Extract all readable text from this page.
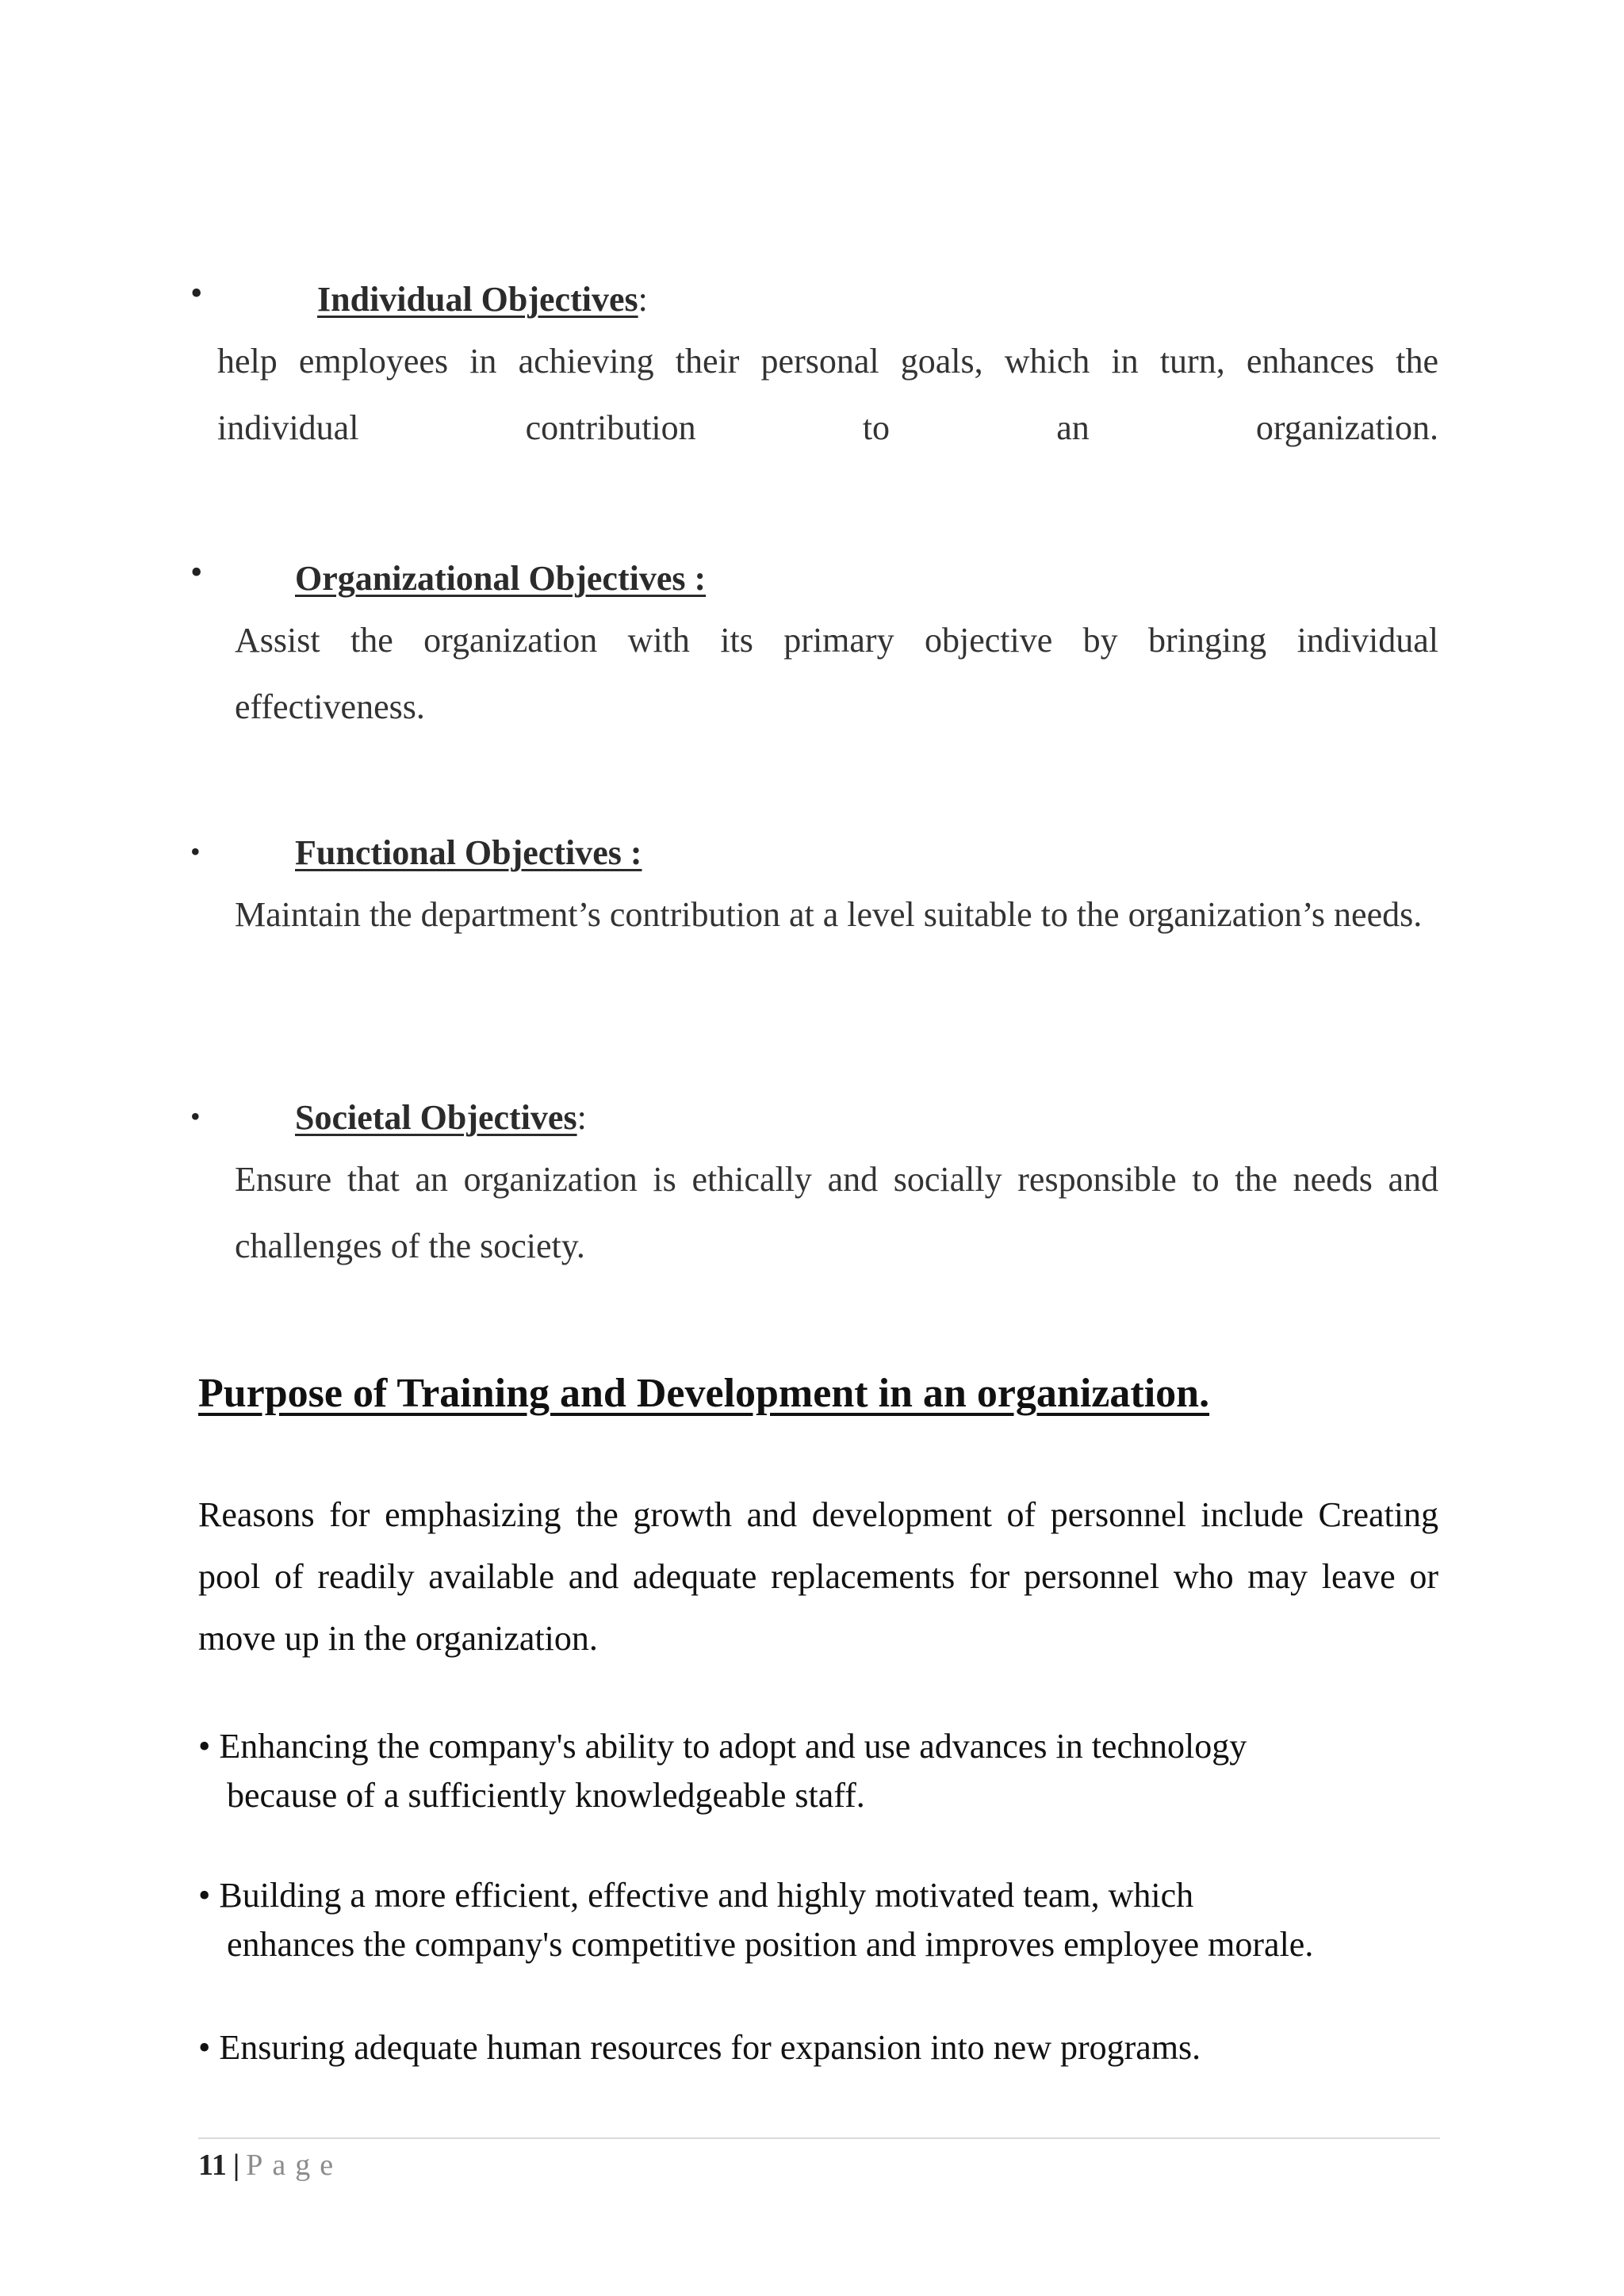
•	Individual Objectives:

help employees in achieving their personal goals, which in turn, enhances the individual contribution to an organization.

•	Organizational Objectives :

Assist the organization with its primary objective by bringing individual effectiveness.

•	Functional Objectives :

Maintain the department’s contribution at a level suitable to the organization’s needs.

•	Societal Objectives:

Ensure that an organization is ethically and socially responsible to the needs and challenges of the society.

Purpose of Training and Development in an organization.

Reasons for emphasizing the growth and development of personnel include Creating pool of readily available and adequate replacements for personnel who may leave or move up in the organization.

• Enhancing the company's ability to adopt and use advances in technology
because of a sufficiently knowledgeable staff.

• Building a more efficient, effective and highly motivated team, which
enhances the company's competitive position and improves employee morale.

• Ensuring adequate human resources for expansion into new programs.

11 | Page
